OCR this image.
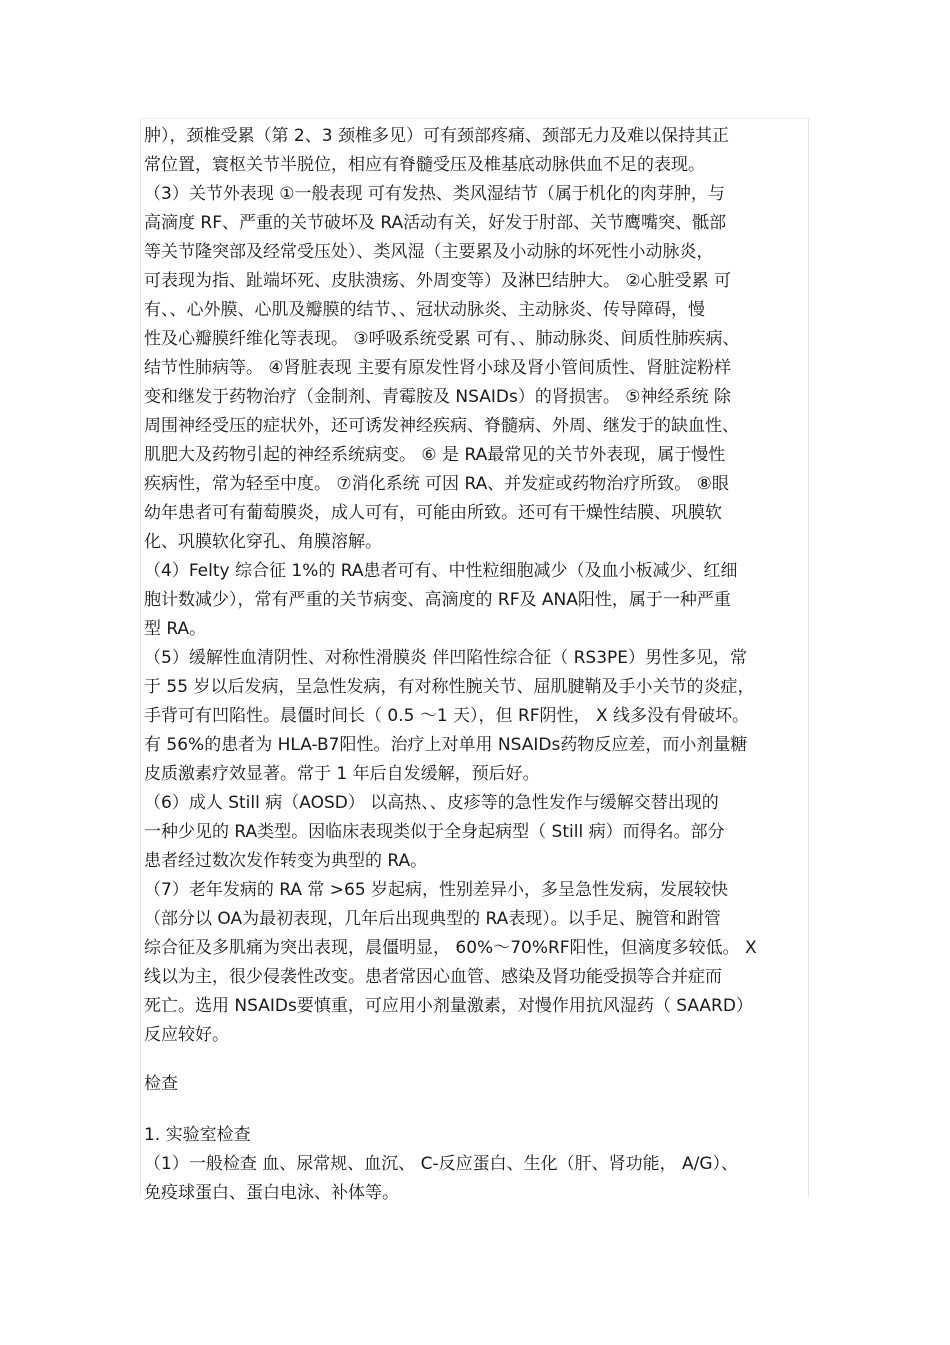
肿），颈椎受累（第 2、3 颈椎多见）可有颈部疼痛、颈部无力及难以保持其正
常位置，寰枢关节半脱位，相应有脊髓受压及椎基底动脉供血不足的表现。
（3）关节外表现 ①一般表现 可有发热、类风湿结节（属于机化的肉芽肿，与
高滴度 RF、严重的关节破坏及 RA活动有关，好发于肘部、关节鹰嘴突、骶部
等关节隆突部及经常受压处）、类风湿（主要累及小动脉的坏死性小动脉炎，
可表现为指、趾端坏死、皮肤溃疡、外周变等）及淋巴结肿大。 ②心脏受累 可
有、、心外膜、心肌及瓣膜的结节、、冠状动脉炎、主动脉炎、传导障碍，慢
性及心瓣膜纤维化等表现。 ③呼吸系统受累 可有、、肺动脉炎、间质性肺疾病、
结节性肺病等。 ④肾脏表现 主要有原发性肾小球及肾小管间质性、肾脏淀粉样
变和继发于药物治疗（金制剂、青霉胺及 NSAIDs）的肾损害。 ⑤神经系统 除
周围神经受压的症状外，还可诱发神经疾病、脊髓病、外周、继发于的缺血性、
肌肥大及药物引起的神经系统病变。 ⑥ 是 RA最常见的关节外表现，属于慢性
疾病性，常为轻至中度。 ⑦消化系统 可因 RA、并发症或药物治疗所致。 ⑧眼
幼年患者可有葡萄膜炎，成人可有，可能由所致。还可有干燥性结膜、巩膜软
化、巩膜软化穿孔、角膜溶解。
（4）Felty 综合征 1%的 RA患者可有、中性粒细胞减少（及血小板减少、红细
胞计数减少），常有严重的关节病变、高滴度的 RF及 ANA阳性，属于一种严重
型 RA。
（5）缓解性血清阴性、对称性滑膜炎 伴凹陷性综合征（ RS3PE）男性多见，常
于 55 岁以后发病，呈急性发病，有对称性腕关节、屈肌腱鞘及手小关节的炎症，
手背可有凹陷性。晨僵时间长（ 0.5 ～1 天），但 RF阴性， X 线多没有骨破坏。
有 56%的患者为 HLA-B7阳性。治疗上对单用 NSAIDs药物反应差，而小剂量糖
皮质激素疗效显著。常于 1 年后自发缓解，预后好。
（6）成人 Still 病（AOSD） 以高热、、皮疹等的急性发作与缓解交替出现的
一种少见的 RA类型。因临床表现类似于全身起病型（ Still 病）而得名。部分
患者经过数次发作转变为典型的 RA。
（7）老年发病的 RA 常 >65 岁起病，性别差异小，多呈急性发病，发展较快
（部分以 OA为最初表现，几年后出现典型的 RA表现）。以手足、腕管和跗管
综合征及多肌痛为突出表现，晨僵明显， 60%～70%RF阳性，但滴度多较低。 X
线以为主，很少侵袭性改变。患者常因心血管、感染及肾功能受损等合并症而
死亡。选用 NSAIDs要慎重，可应用小剂量激素，对慢作用抗风湿药（ SAARD）
反应较好。
检查
1. 实验室检查
（1）一般检查 血、尿常规、血沉、 C-反应蛋白、生化（肝、肾功能， A/G）、
免疫球蛋白、蛋白电泳、补体等。
